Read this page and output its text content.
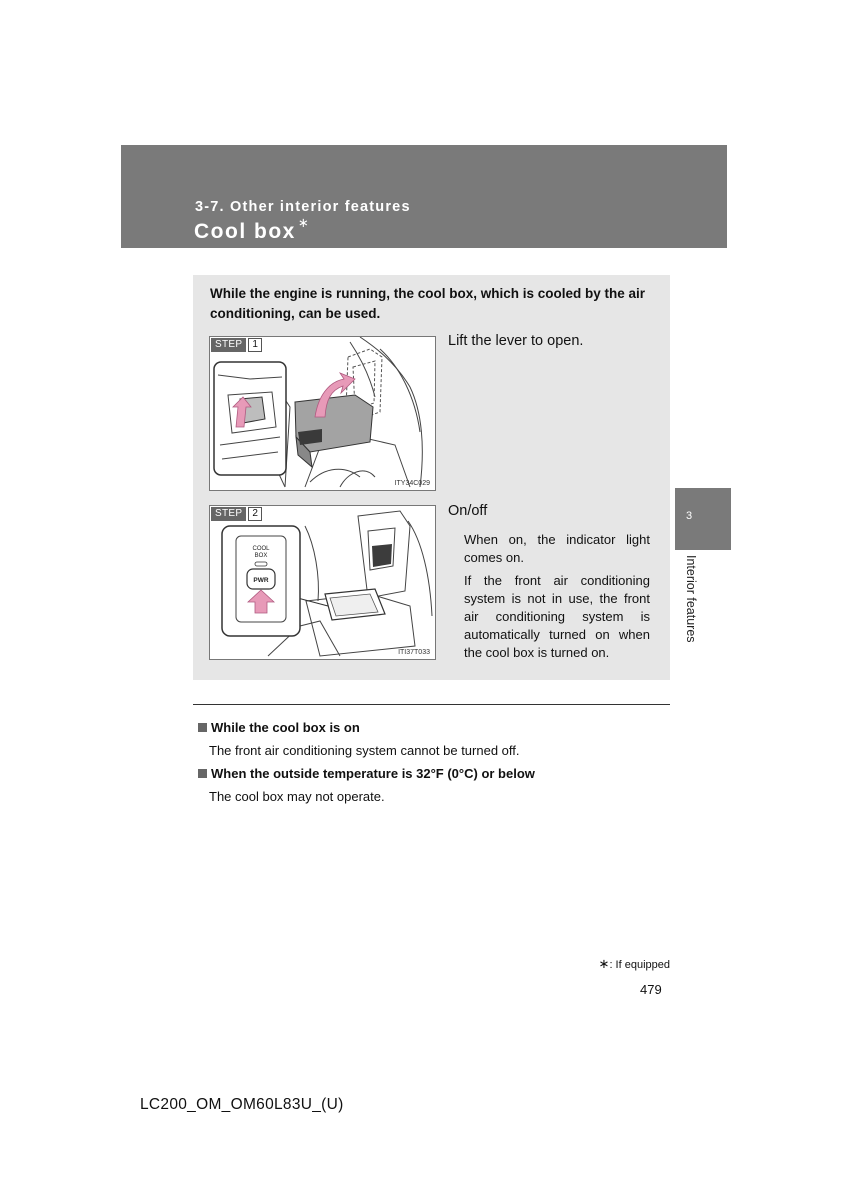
3-7. Other interior features
Cool box ∗
3
Interior features
While the engine is running, the cool box, which is cooled by the air conditioning, can be used.
STEP	1
ITY34C029
Lift the lever to open.
STEP	2
COOL
BOX
PWR
ITI37T033
On/off
When on, the indicator light comes on.
If the front air conditioning system is not in use, the front air conditioning system is automatically turned on when the cool box is turned on.
While the cool box is on
The front air conditioning system cannot be turned off.
When the outside temperature is 32°F (0°C) or below
The cool box may not operate.
∗: If equipped
479
LC200_OM_OM60L83U_(U)
